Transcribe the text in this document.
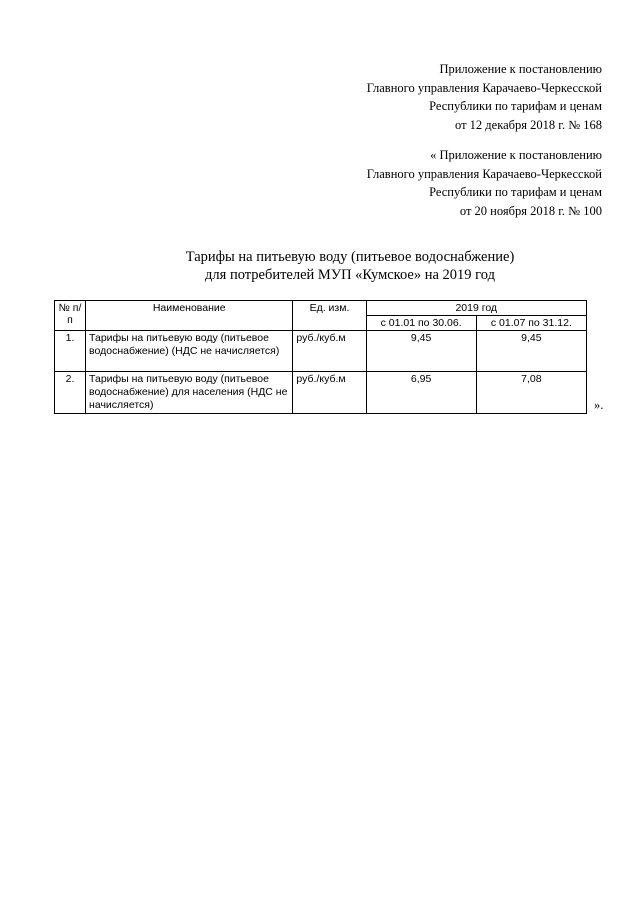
Приложение к постановлению
Главного управления Карачаево-Черкесской
Республики по тарифам и ценам
от 12 декабря 2018 г. № 168
« Приложение к постановлению
Главного управления Карачаево-Черкесской
Республики по тарифам и ценам
от 20 ноября 2018 г. № 100
Тарифы на питьевую воду (питьевое водоснабжение)
для потребителей МУП «Кумское» на 2019 год
№ п/п	Наименование	Ед. изм.	2019 год	
			с 01.01 по 30.06.	с 01.07 по 31.12.
1.	Тарифы на питьевую воду (питьевое водоснабжение) (НДС не начисляется)	руб./куб.м	9,45	9,45
2.	Тарифы на питьевую воду (питьевое водоснабжение) для населения (НДС не начисляется)	руб./куб.м	6,95	7,08
».
